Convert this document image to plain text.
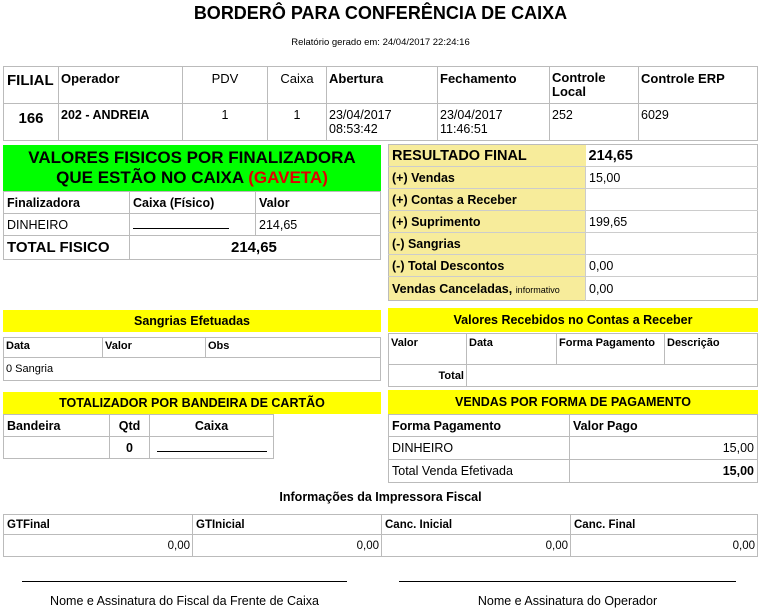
BORDERÔ PARA CONFERÊNCIA DE CAIXA
Relatório gerado em: 24/04/2017 22:24:16
FILIAL	Operador	PDV	Caixa	Abertura	Fechamento	Controle Local	Controle ERP
166	202 - ANDREIA	1	1	23/04/2017 08:53:42	23/04/2017 11:46:51	252	6029
VALORES FISICOS POR FINALIZADORA
QUE ESTÃO NO CAIXA (GAVETA)
Finalizadora	Caixa (Físico)	Valor
DINHEIRO		214,65
TOTAL FISICO	214,65	
RESULTADO FINAL	214,65
(+) Vendas	15,00
(+) Contas a Receber	
(+) Suprimento	199,65
(-) Sangrias	
(-) Total Descontos	0,00
Vendas Canceladas, informativo	0,00
Sangrias Efetuadas
Data	Valor	Obs
0 Sangria
Valores Recebidos no Contas a Receber
Valor	Data	Forma Pagamento	Descrição
Total			
TOTALIZADOR POR BANDEIRA DE CARTÃO
Bandeira	Qtd	Caixa
	0	
VENDAS POR FORMA DE PAGAMENTO
Forma Pagamento	Valor Pago
DINHEIRO	15,00
Total Venda Efetivada	15,00
Informações da Impressora Fiscal
GTFinal	GTInicial	Canc. Inicial	Canc. Final
0,00	0,00	0,00	0,00
Nome e Assinatura do Fiscal da Frente de Caixa	Nome e Assinatura do Operador
